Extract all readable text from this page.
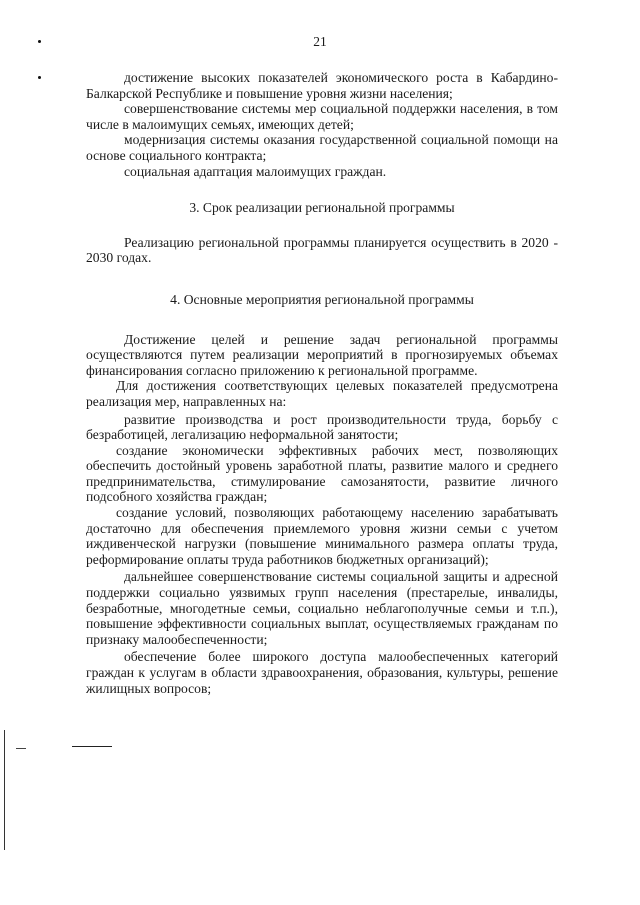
21

достижение высоких показателей экономического роста в Кабардино-Балкарской Республике и повышение уровня жизни населения;

совершенствование системы мер социальной поддержки населения, в том числе в малоимущих семьях, имеющих детей;

модернизация системы оказания государственной социальной помощи на основе социального контракта;

социальная адаптация малоимущих граждан.

3. Срок реализации региональной программы

Реализацию региональной программы планируется осуществить в 2020 - 2030 годах.

4. Основные мероприятия региональной программы

Достижение целей и решение задач региональной программы осуществляются путем реализации мероприятий в прогнозируемых объемах финансирования согласно приложению к региональной программе.

Для достижения соответствующих целевых показателей предусмотрена реализация мер, направленных на:

развитие производства и рост производительности труда, борьбу с безработицей, легализацию неформальной занятости;

создание экономически эффективных рабочих мест, позволяющих обеспечить достойный уровень заработной платы, развитие малого и среднего предпринимательства, стимулирование самозанятости, развитие личного подсобного хозяйства граждан;

создание условий, позволяющих работающему населению зарабатывать достаточно для обеспечения приемлемого уровня жизни семьи с учетом иждивенческой нагрузки (повышение минимального размера оплаты труда, реформирование оплаты труда работников бюджетных организаций);

дальнейшее совершенствование системы социальной защиты и адресной поддержки социально уязвимых групп населения (престарелые, инвалиды, безработные, многодетные семьи, социально неблагополучные семьи и т.п.), повышение эффективности социальных выплат, осуществляемых гражданам по признаку малообеспеченности;

обеспечение более широкого доступа малообеспеченных категорий граждан к услугам в области здравоохранения, образования, культуры, решение жилищных вопросов;
